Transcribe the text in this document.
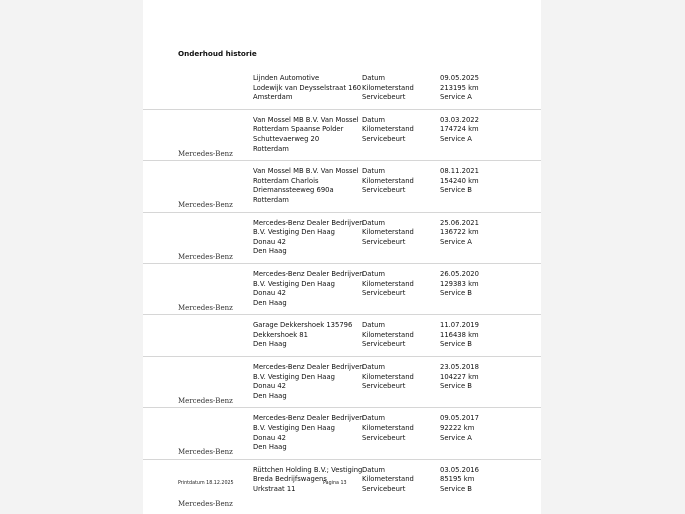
Onderhoud historie
Lijnden Automotive
Lodewijk van Deysselstraat 160
Amsterdam
Datum
Kilometerstand
Servicebeurt
09.05.2025
213195 km
Service A
Mercedes-Benz
Van Mossel MB B.V. Van Mossel
Rotterdam Spaanse Polder
Schuttevaerweg 20
Rotterdam
Datum
Kilometerstand
Servicebeurt
03.03.2022
174724 km
Service A
Mercedes-Benz
Van Mossel MB B.V. Van Mossel
Rotterdam Charlois
Driemanssteeweg 690a
Rotterdam
Datum
Kilometerstand
Servicebeurt
08.11.2021
154240 km
Service B
Mercedes-Benz
Mercedes-Benz Dealer Bedrijven
B.V. Vestiging Den Haag
Donau 42
Den Haag
Datum
Kilometerstand
Servicebeurt
25.06.2021
136722 km
Service A
Mercedes-Benz
Mercedes-Benz Dealer Bedrijven
B.V. Vestiging Den Haag
Donau 42
Den Haag
Datum
Kilometerstand
Servicebeurt
26.05.2020
129383 km
Service B
Garage Dekkershoek 135796
Dekkershoek 81
Den Haag
Datum
Kilometerstand
Servicebeurt
11.07.2019
116438 km
Service B
Mercedes-Benz
Mercedes-Benz Dealer Bedrijven
B.V. Vestiging Den Haag
Donau 42
Den Haag
Datum
Kilometerstand
Servicebeurt
23.05.2018
104227 km
Service B
Mercedes-Benz
Mercedes-Benz Dealer Bedrijven
B.V. Vestiging Den Haag
Donau 42
Den Haag
Datum
Kilometerstand
Servicebeurt
09.05.2017
92222 km
Service A
Mercedes-Benz
Rüttchen Holding B.V.; Vestiging
Breda Bedrijfswagens
Urkstraat 11
Datum
Kilometerstand
Servicebeurt
03.05.2016
85195 km
Service B
Printdatum 18.12.2025	Pagina 13
